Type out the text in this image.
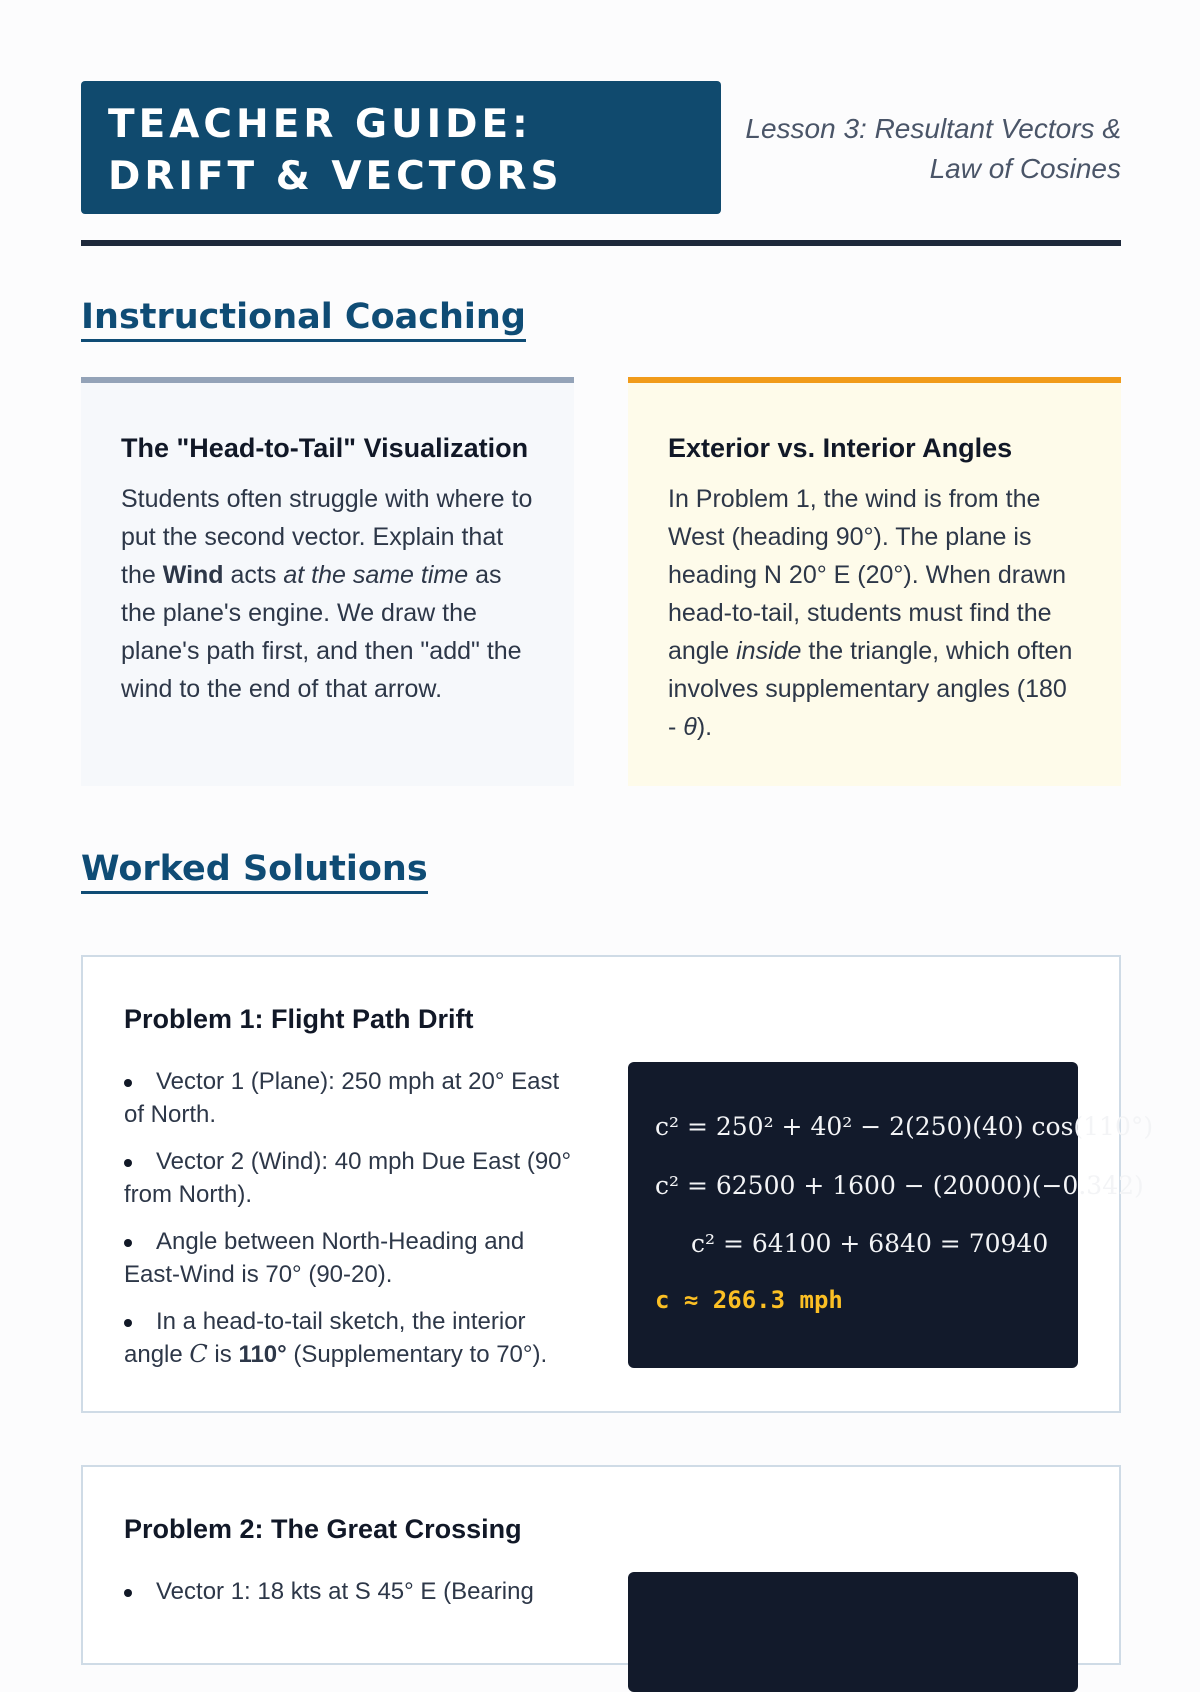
TEACHER GUIDE: DRIFT & VECTORS
Lesson 3: Resultant Vectors &
Law of Cosines
Instructional Coaching
The "Head-to-Tail" Visualization

Students often struggle with where to put the second vector. Explain that the Wind acts at the same time as the plane's engine. We draw the plane's path first, and then "add" the wind to the end of that arrow.

Exterior vs. Interior Angles

In Problem 1, the wind is from the West (heading 90°). The plane is heading N 20° E (20°). When drawn head-to-tail, students must find the angle inside the triangle, which often involves supplementary angles (180 - θ).

Worked Solutions
Problem 1: Flight Path Drift
Vector 1 (Plane): 250 mph at 20° East of North.
Vector 2 (Wind): 40 mph Due East (90° from North).
Angle between North-Heading and East-Wind is 70° (90-20).
In a head-to-tail sketch, the interior angle C is 110° (Supplementary to 70°).
c² = 250² + 40² − 2(250)(40) cos(110°)
c² = 62500 + 1600 − (20000)(−0.342)
c² = 64100 + 6840 = 70940
c ≈ 266.3 mph
Problem 2: The Great Crossing
Vector 1: 18 kts at S 45° E (Bearing
